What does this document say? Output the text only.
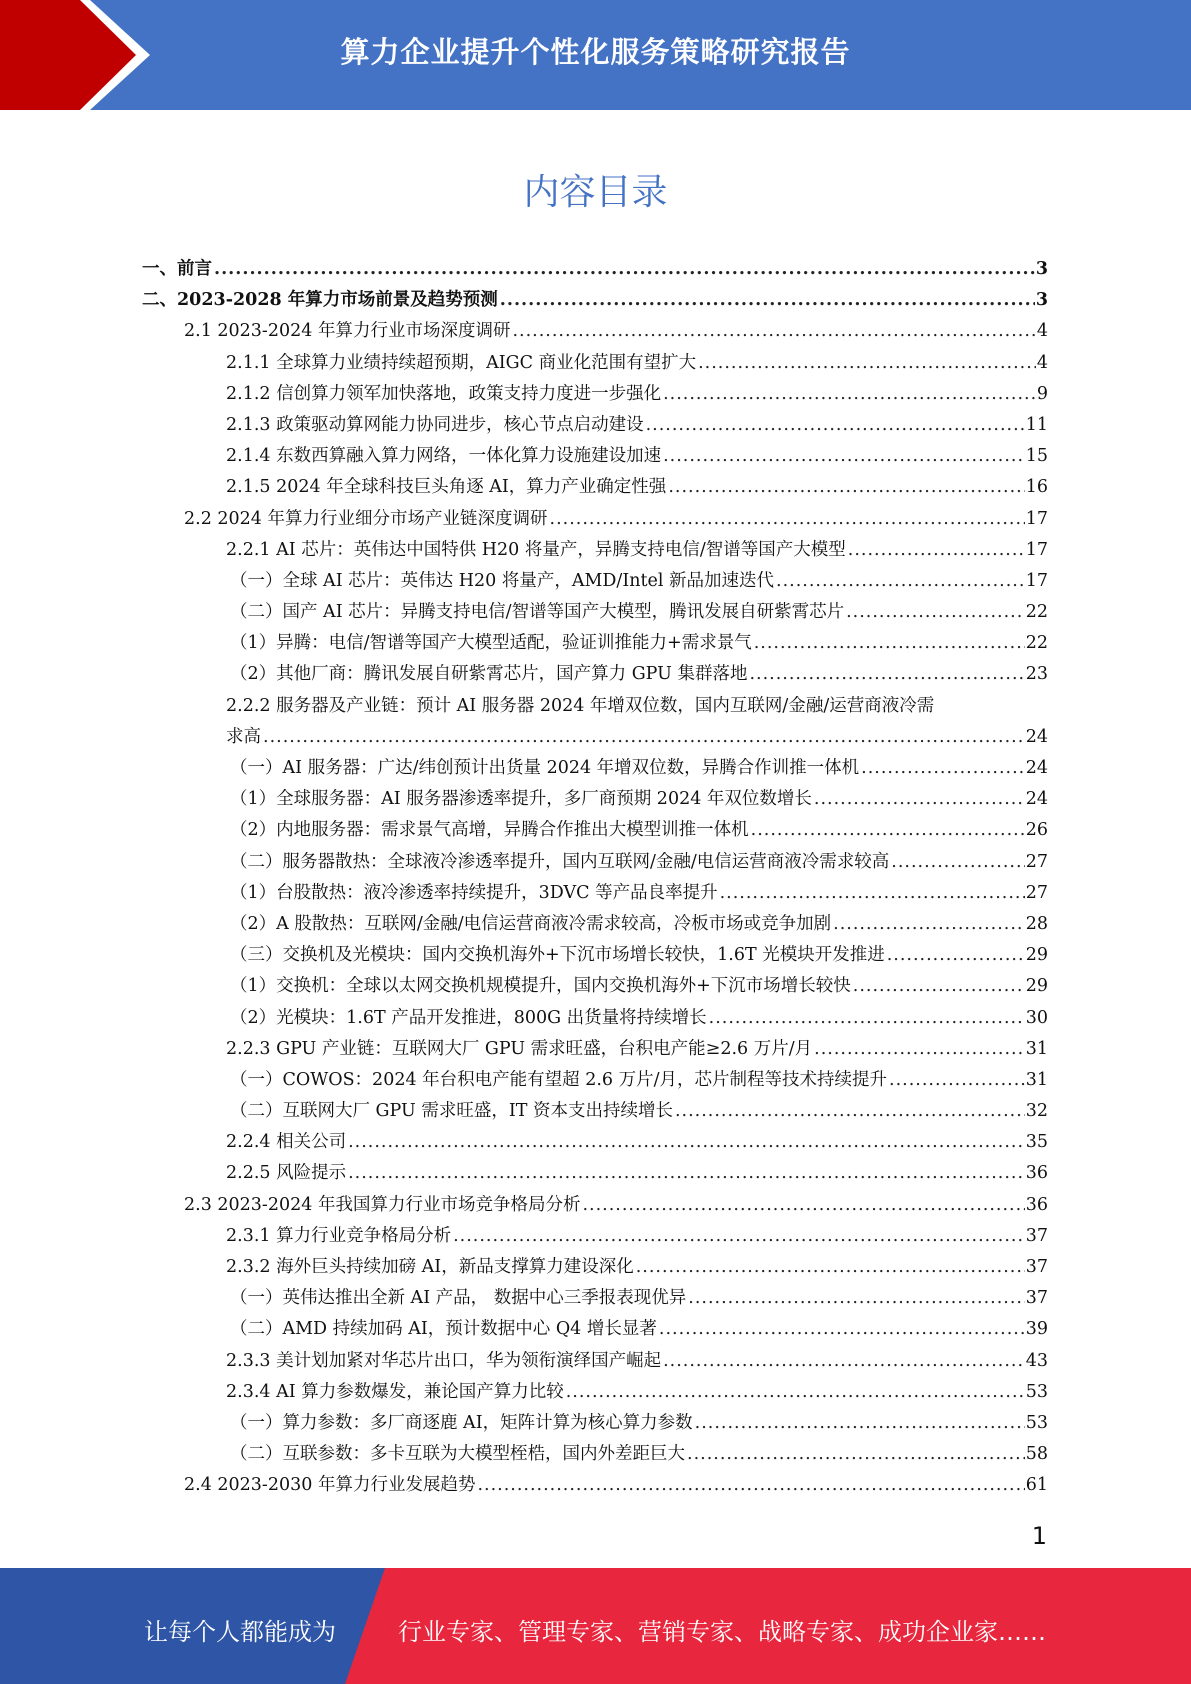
算力企业提升个性化服务策略研究报告
内容目录
一、前言 .....	3
二、2023-2028 年算力市场前景及趋势预测 .....	3
2.1 2023-2024 年算力行业市场深度调研 .....	4
2.1.1 全球算力业绩持续超预期，AIGC 商业化范围有望扩大 .....	4
2.1.2 信创算力领军加快落地，政策支持力度进一步强化 .....	9
2.1.3 政策驱动算网能力协同进步，核心节点启动建设 .....	11
2.1.4 东数西算融入算力网络，一体化算力设施建设加速 .....	15
2.1.5 2024 年全球科技巨头角逐 AI，算力产业确定性强 .....	16
2.2 2024 年算力行业细分市场产业链深度调研 .....	17
2.2.1 AI 芯片：英伟达中国特供 H20 将量产，异腾支持电信/智谱等国产大模型 .....	17
（一）全球 AI 芯片：英伟达 H20 将量产，AMD/Intel 新品加速迭代 .....	17
（二）国产 AI 芯片：异腾支持电信/智谱等国产大模型，腾讯发展自研紫霄芯片 .....	22
（1）异腾：电信/智谱等国产大模型适配，验证训推能力+需求景气 .....	22
（2）其他厂商：腾讯发展自研紫霄芯片，国产算力 GPU 集群落地 .....	23
2.2.2 服务器及产业链：预计 AI 服务器 2024 年增双位数，国内互联网/金融/运营商液冷需
求高 .....	24
（一）AI 服务器：广达/纬创预计出货量 2024 年增双位数，异腾合作训推一体机 .....	24
（1）全球服务器：AI 服务器渗透率提升，多厂商预期 2024 年双位数增长 .....	24
（2）内地服务器：需求景气高增，异腾合作推出大模型训推一体机 .....	26
（二）服务器散热：全球液冷渗透率提升，国内互联网/金融/电信运营商液冷需求较高 .....	27
（1）台股散热：液冷渗透率持续提升，3DVC 等产品良率提升 .....	27
（2）A 股散热：互联网/金融/电信运营商液冷需求较高，冷板市场或竞争加剧 .....	28
（三）交换机及光模块：国内交换机海外+下沉市场增长较快，1.6T 光模块开发推进 .....	29
（1）交换机：全球以太网交换机规模提升，国内交换机海外+下沉市场增长较快 .....	29
（2）光模块：1.6T 产品开发推进，800G 出货量将持续增长 .....	30
2.2.3 GPU 产业链：互联网大厂 GPU 需求旺盛，台积电产能≥2.6 万片/月 .....	31
（一）COWOS：2024 年台积电产能有望超 2.6 万片/月，芯片制程等技术持续提升 .....	31
（二）互联网大厂 GPU 需求旺盛，IT 资本支出持续增长 .....	32
2.2.4 相关公司 .....	35
2.2.5 风险提示 .....	36
2.3 2023-2024 年我国算力行业市场竞争格局分析 .....	36
2.3.1 算力行业竞争格局分析 .....	37
2.3.2 海外巨头持续加磅 AI，新品支撑算力建设深化 .....	37
（一）英伟达推出全新 AI 产品， 数据中心三季报表现优异 .....	37
（二）AMD 持续加码 AI，预计数据中心 Q4 增长显著 .....	39
2.3.3 美计划加紧对华芯片出口，华为领衔演绎国产崛起 .....	43
2.3.4 AI 算力参数爆发，兼论国产算力比较 .....	53
（一）算力参数：多厂商逐鹿 AI，矩阵计算为核心算力参数 .....	53
（二）互联参数：多卡互联为大模型桎梏，国内外差距巨大 .....	58
2.4 2023-2030 年算力行业发展趋势 .....	61
1
让每个人都能成为	行业专家、管理专家、营销专家、战略专家、成功企业家……
